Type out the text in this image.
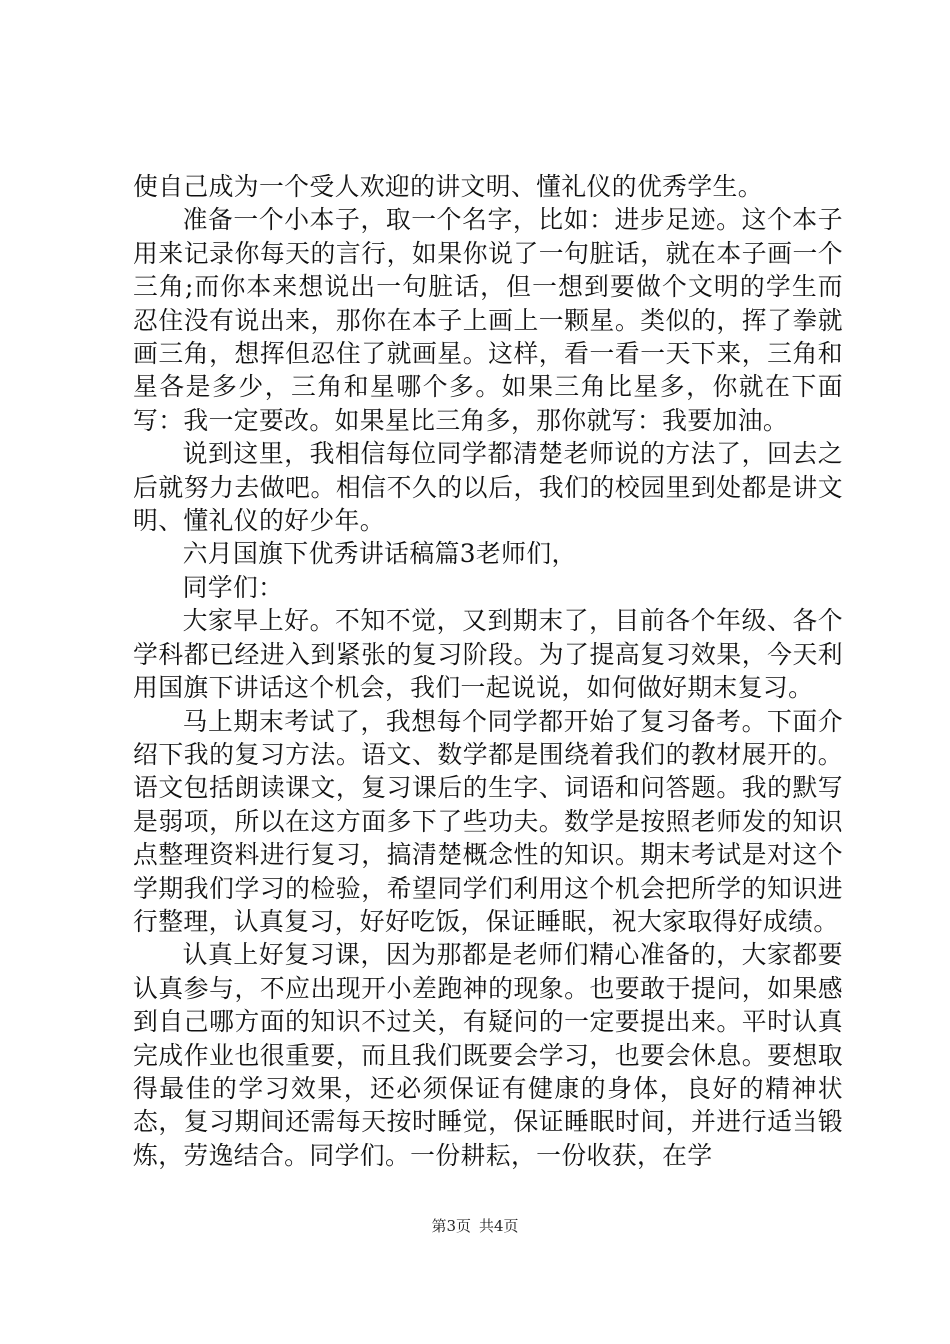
使自己成为一个受人欢迎的讲文明、懂礼仪的优秀学生。

准备一个小本子，取一个名字，比如：进步足迹。这个本子用来记录你每天的言行，如果你说了一句脏话，就在本子画一个三角;而你本来想说出一句脏话，但一想到要做个文明的学生而忍住没有说出来，那你在本子上画上一颗星。类似的，挥了拳就画三角，想挥但忍住了就画星。这样，看一看一天下来，三角和星各是多少，三角和星哪个多。如果三角比星多，你就在下面写：我一定要改。如果星比三角多，那你就写：我要加油。

说到这里，我相信每位同学都清楚老师说的方法了，回去之后就努力去做吧。相信不久的以后，我们的校园里到处都是讲文明、懂礼仪的好少年。

六月国旗下优秀讲话稿篇3老师们，

同学们：

大家早上好。不知不觉，又到期末了，目前各个年级、各个学科都已经进入到紧张的复习阶段。为了提高复习效果，今天利用国旗下讲话这个机会，我们一起说说，如何做好期末复习。

马上期末考试了，我想每个同学都开始了复习备考。下面介绍下我的复习方法。语文、数学都是围绕着我们的教材展开的。语文包括朗读课文，复习课后的生字、词语和问答题。我的默写是弱项，所以在这方面多下了些功夫。数学是按照老师发的知识点整理资料进行复习，搞清楚概念性的知识。期末考试是对这个学期我们学习的检验，希望同学们利用这个机会把所学的知识进行整理，认真复习，好好吃饭，保证睡眠，祝大家取得好成绩。

认真上好复习课，因为那都是老师们精心准备的，大家都要认真参与，不应出现开小差跑神的现象。也要敢于提问，如果感到自己哪方面的知识不过关，有疑问的一定要提出来。平时认真完成作业也很重要，而且我们既要会学习，也要会休息。要想取得最佳的学习效果，还必须保证有健康的身体，良好的精神状态，复习期间还需每天按时睡觉，保证睡眠时间，并进行适当锻炼，劳逸结合。同学们。一份耕耘，一份收获，在学

第3页 共4页
